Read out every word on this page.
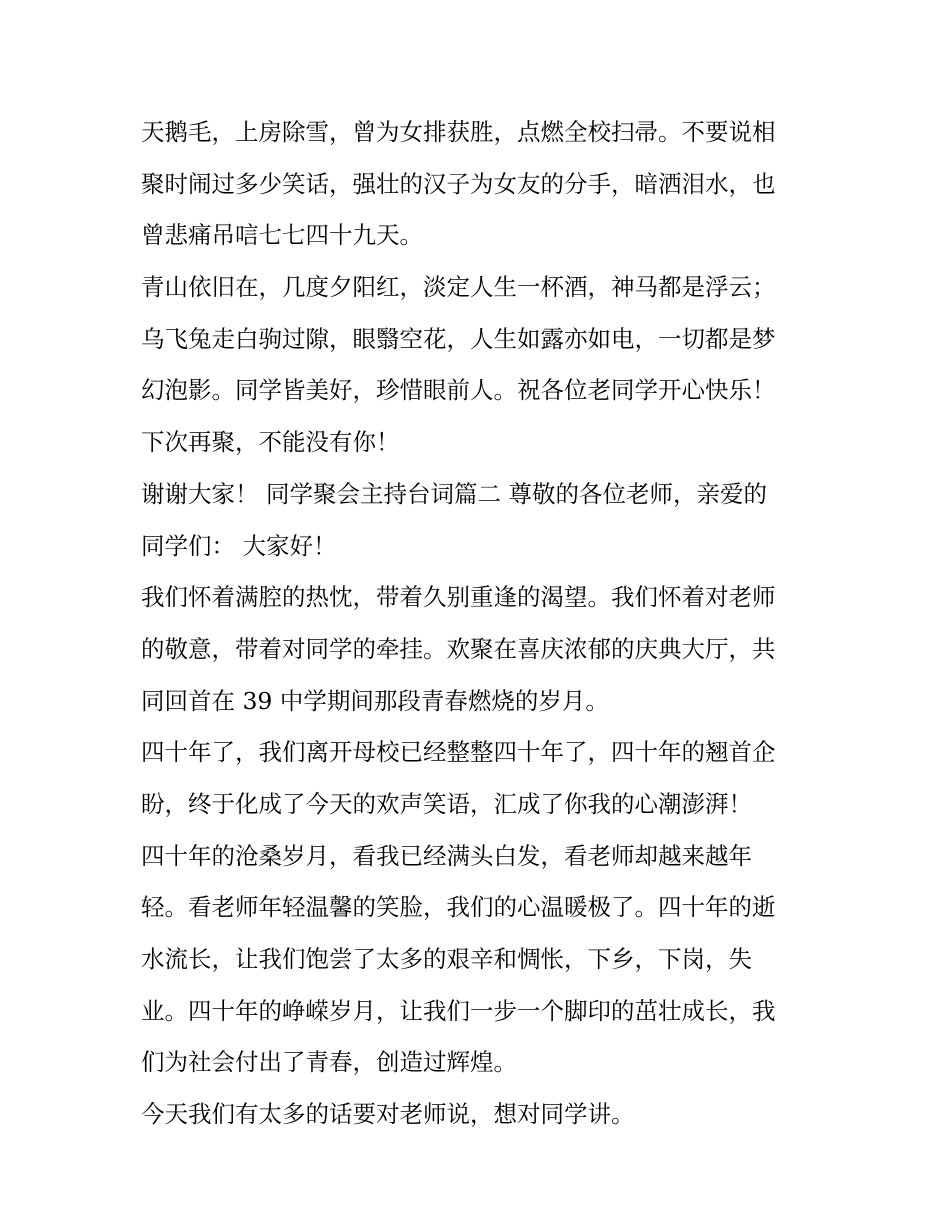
天鹅毛，上房除雪，曾为女排获胜，点燃全校扫帚。不要说相
聚时闹过多少笑话，强壮的汉子为女友的分手，暗洒泪水，也
曾悲痛吊唁七七四十九天。
青山依旧在，几度夕阳红，淡定人生一杯酒，神马都是浮云；
乌飞兔走白驹过隙，眼翳空花，人生如露亦如电，一切都是梦
幻泡影。同学皆美好，珍惜眼前人。祝各位老同学开心快乐！
下次再聚，不能没有你！
谢谢大家！ 同学聚会主持台词篇二 尊敬的各位老师，亲爱的
同学们： 大家好！
我们怀着满腔的热忱，带着久别重逢的渴望。我们怀着对老师
的敬意，带着对同学的牵挂。欢聚在喜庆浓郁的庆典大厅，共
同回首在 39 中学期间那段青春燃烧的岁月。
四十年了，我们离开母校已经整整四十年了，四十年的翘首企
盼，终于化成了今天的欢声笑语，汇成了你我的心潮澎湃！
四十年的沧桑岁月，看我已经满头白发，看老师却越来越年
轻。看老师年轻温馨的笑脸，我们的心温暖极了。四十年的逝
水流长，让我们饱尝了太多的艰辛和惆怅，下乡，下岗，失
业。四十年的峥嵘岁月，让我们一步一个脚印的茁壮成长，我
们为社会付出了青春，创造过辉煌。
今天我们有太多的话要对老师说，想对同学讲。
